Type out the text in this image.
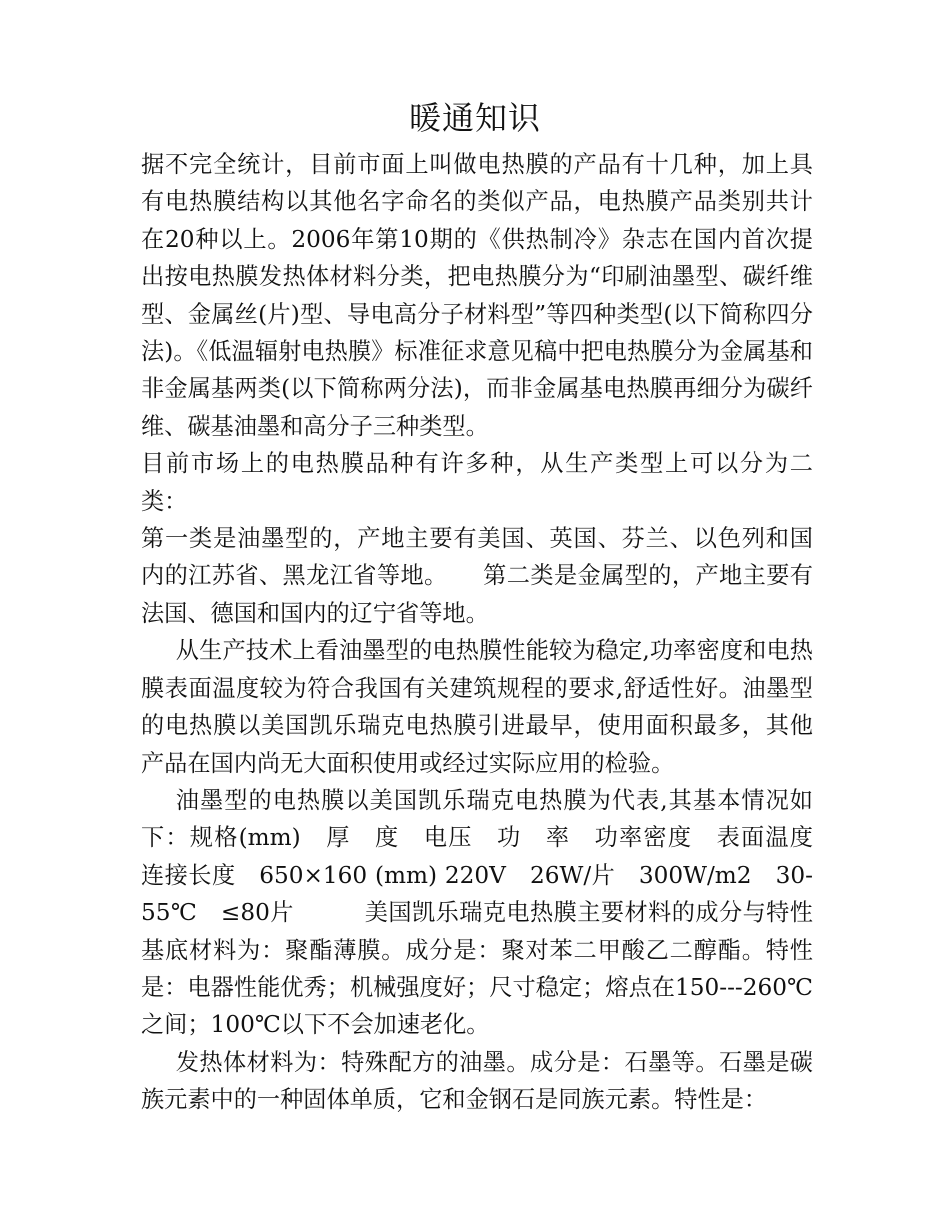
暖通知识

据不完全统计，目前市面上叫做电热膜的产品有十几种，加上具有电热膜结构以其他名字命名的类似产品，电热膜产品类别共计在20种以上。2006年第10期的《供热制冷》杂志在国内首次提出按电热膜发热体材料分类，把电热膜分为“印刷油墨型、碳纤维型、金属丝(片)型、导电高分子材料型”等四种类型(以下简称四分法)。《低温辐射电热膜》标准征求意见稿中把电热膜分为金属基和非金属基两类(以下简称两分法)，而非金属基电热膜再细分为碳纤维、碳基油墨和高分子三种类型。

目前市场上的电热膜品种有许多种，从生产类型上可以分为二类：

第一类是油墨型的，产地主要有美国、英国、芬兰、以色列和国内的江苏省、黑龙江省等地。　　第二类是金属型的，产地主要有法国、德国和国内的辽宁省等地。

从生产技术上看油墨型的电热膜性能较为稳定,功率密度和电热膜表面温度较为符合我国有关建筑规程的要求,舒适性好。油墨型的电热膜以美国凯乐瑞克电热膜引进最早，使用面积最多，其他产品在国内尚无大面积使用或经过实际应用的检验。

油墨型的电热膜以美国凯乐瑞克电热膜为代表,其基本情况如下：规格(mm)　厚　度　电压　功　率　功率密度　表面温度　连接长度　650×160 (mm) 220V　26W/片　300W/m2　30-55℃　≤80片　　　美国凯乐瑞克电热膜主要材料的成分与特性　　　基底材料为：聚酯薄膜。成分是：聚对苯二甲酸乙二醇酯。特性是：电器性能优秀；机械强度好；尺寸稳定；熔点在150---260℃之间；100℃以下不会加速老化。

发热体材料为：特殊配方的油墨。成分是：石墨等。石墨是碳族元素中的一种固体单质，它和金钢石是同族元素。特性是：
